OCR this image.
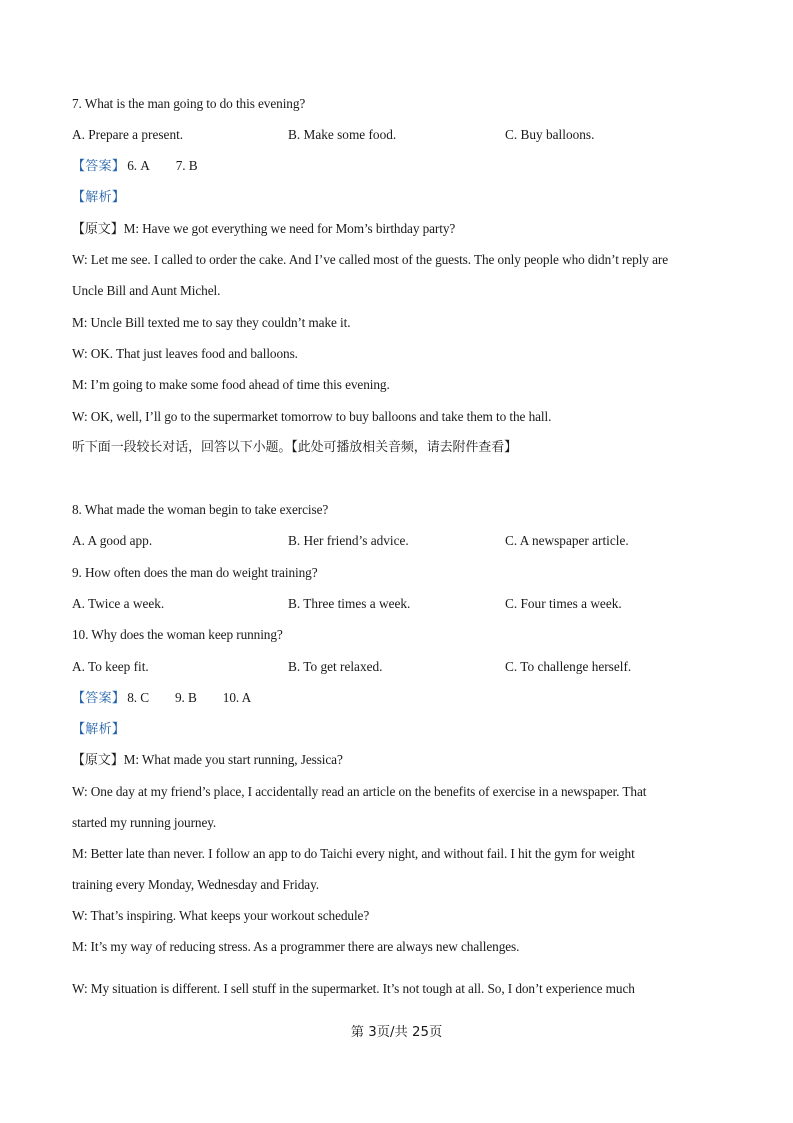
7. What is the man going to do this evening?
A. Prepare a present.	B. Make some food.	C. Buy balloons.
【答案】 6. A 7. B
【解析】
【原文】M: Have we got everything we need for Mom’s birthday party?
W: Let me see. I called to order the cake. And I’ve called most of the guests. The only people who didn’t reply are
Uncle Bill and Aunt Michel.
M: Uncle Bill texted me to say they couldn’t make it.
W: OK. That just leaves food and balloons.
M: I’m going to make some food ahead of time this evening.
W: OK, well, I’ll go to the supermarket tomorrow to buy balloons and take them to the hall.
听下面一段较长对话，回答以下小题。【此处可播放相关音频，请去附件查看】
8. What made the woman begin to take exercise?
A. A good app.	B. Her friend’s advice.	C. A newspaper article.
9. How often does the man do weight training?
A. Twice a week.	B. Three times a week.	C. Four times a week.
10. Why does the woman keep running?
A. To keep fit.	B. To get relaxed.	C. To challenge herself.
【答案】 8. C 9. B 10. A
【解析】
【原文】M: What made you start running, Jessica?
W: One day at my friend’s place, I accidentally read an article on the benefits of exercise in a newspaper. That
started my running journey.
M: Better late than never. I follow an app to do Taichi every night, and without fail. I hit the gym for weight
training every Monday, Wednesday and Friday.
W: That’s inspiring. What keeps your workout schedule?
M: It’s my way of reducing stress. As a programmer there are always new challenges.
W: My situation is different. I sell stuff in the supermarket. It’s not tough at all. So, I don’t experience much
第 3页/共 25页
